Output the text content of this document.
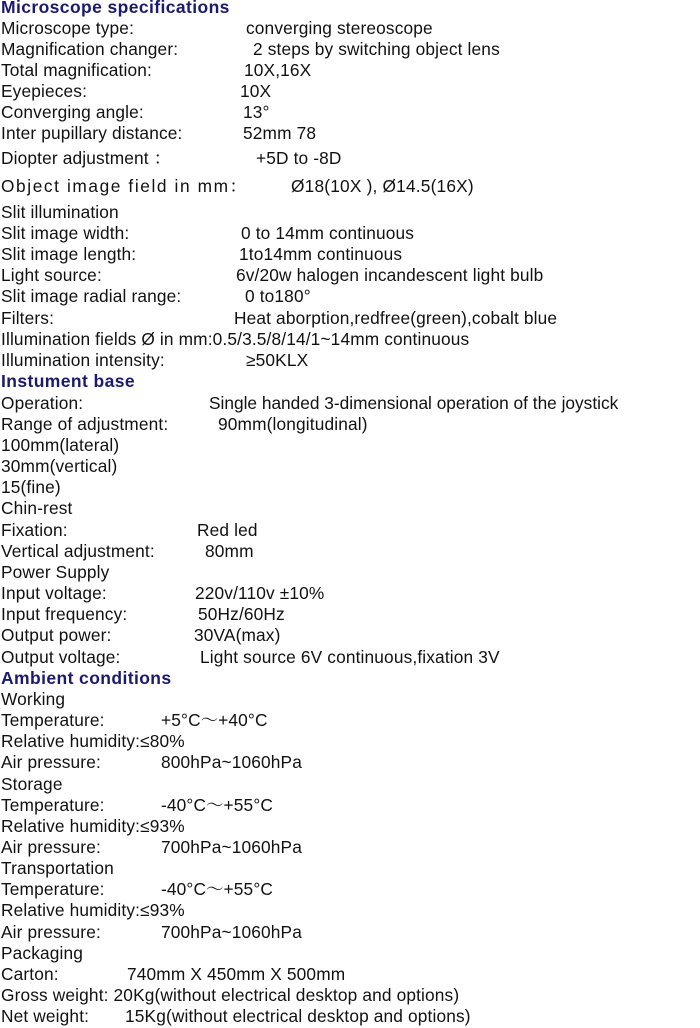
Microscope specifications
Microscope type:	converging stereoscope
Magnification changer:	2 steps by switching object lens
Total magnification:	10X,16X
Eyepieces:	10X
Converging angle:	13°
Inter pupillary distance:	52mm 78
Diopter adjustment ：	+5D to -8D
Object image field in mm： Ø18(10X ), Ø14.5(16X)
Slit illumination
Slit image width:	0 to 14mm continuous
Slit image length:	1to14mm continuous
Light source:	6v/20w halogen incandescent light bulb
Slit image radial range:	0 to180°
Filters:	Heat aborption,redfree(green),cobalt blue
Illumination fields Ø in mm:0.5/3.5/8/14/1~14mm continuous
Illumination intensity:	≥50KLX
Instument base
Operation:	Single handed 3-dimensional operation of the joystick
Range of adjustment:	90mm(longitudinal)
100mm(lateral)
30mm(vertical)
15(fine)
Chin-rest
Fixation:	Red led
Vertical adjustment:	80mm
Power Supply
Input voltage:	220v/110v ±10%
Input frequency:	50Hz/60Hz
Output power:	30VA(max)
Output voltage:	Light source 6V continuous,fixation 3V
Ambient conditions
Working
Temperature:	+5°C～+40°C
Relative humidity:≤80%
Air pressure:	800hPa~1060hPa
Storage
Temperature:	-40°C～+55°C
Relative humidity:≤93%
Air pressure:	700hPa~1060hPa
Transportation
Temperature:	-40°C～+55°C
Relative humidity:≤93%
Air pressure:	700hPa~1060hPa
Packaging
Carton:	740mm X 450mm X 500mm
Gross weight: 20Kg(without electrical desktop and options)
Net weight: 15Kg(without electrical desktop and options)
